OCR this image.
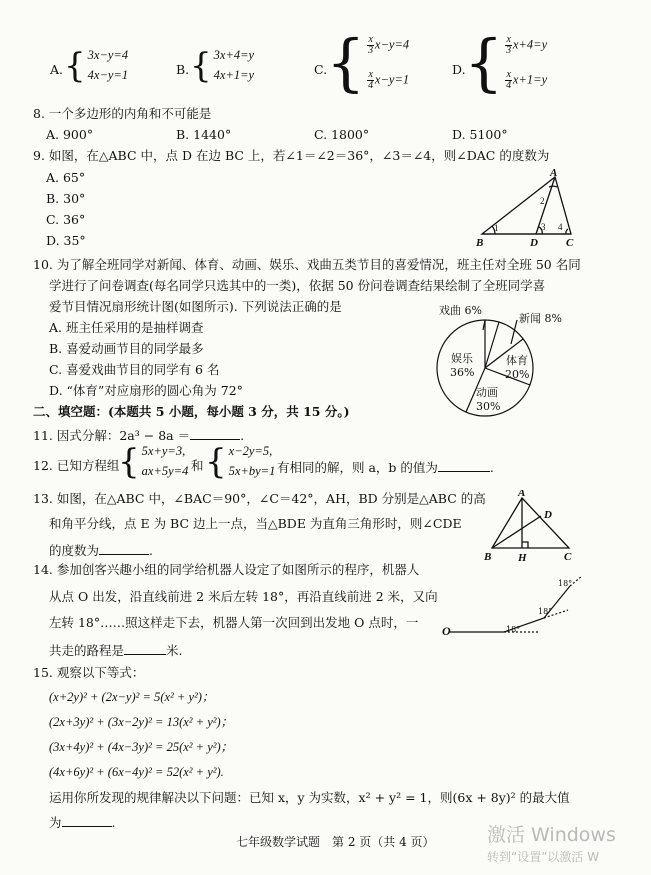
A. { 3x−y=4
4x−y=1	B. { 3x+4=y
4x+1=y	C.
{ $\frac{x}{3} x-y=4$
$\frac{x}{4} x-y=1$
D.
{ $\frac{x}{3} x+4=y$
$\frac{x}{4} x+1=y$
8. 一个多边形的内角和不可能是
A. 900°	B. 1440°	C. 1800°	D. 5100°
9. 如图，在△ABC 中，点 D 在边 BC 上，若∠1＝∠2＝36°，∠3＝∠4，则∠DAC 的度数为
A. 65°
B. 30°
C. 36°
D. 35°
A
B	D	C
1
2
3 4
10. 为了解全班同学对新闻、体育、动画、娱乐、戏曲五类节目的喜爱情况，班主任对全班 50 名同
学进行了问卷调查(每名同学只选其中的一类)，依据 50 份问卷调查结果绘制了全班同学喜
爱节目情况扇形统计图(如图所示). 下列说法正确的是
A. 班主任采用的是抽样调查
B. 喜爱动画节目的同学最多
C. 喜爱戏曲节目的同学有 6 名
D. “体育”对应扇形的圆心角为 72°
戏曲 6%
新闻 8%
娱乐
36%
体育
20%
动画
30%
二、填空题：(本题共 5 小题，每小题 3 分，共 15 分。)
11. 因式分解：2a³ − 8a ＝	.
12. 已知方程组
{ 5x+y=3,
ax+5y=4 和 { x−2y=5,
5x+by=1 有相同的解，则 a，b 的值为	.
13. 如图，在△ABC 中，∠BAC＝90°，∠C＝42°，AH，BD 分别是△ABC 的高
和角平分线，点 E 为 BC 边上一点，当△BDE 为直角三角形时，则∠CDE
的度数为	.
A
D
B H	C
14. 参加创客兴趣小组的同学给机器人设定了如图所示的程序，机器人
从点 O 出发，沿直线前进 2 米后左转 18°，再沿直线前进 2 米，又向
左转 18°……照这样走下去，机器人第一次回到出发地 O 点时，一
共走的路程是	米.
O	18°
18°
18°
15. 观察以下等式：
(x+2y)² + (2x−y)² = 5(x² + y²)；
(2x+3y)² + (3x−2y)² = 13(x² + y²)；
(3x+4y)² + (4x−3y)² = 25(x² + y²)；
(4x+6y)² + (6x−4y)² = 52(x² + y²).
运用你所发现的规律解决以下问题：已知 x，y 为实数，x² + y² = 1，则(6x + 8y)² 的最大值
为	.
七年级数学试题　第 2 页（共 4 页）	激活 Windows
转到“设置”以激活 W
